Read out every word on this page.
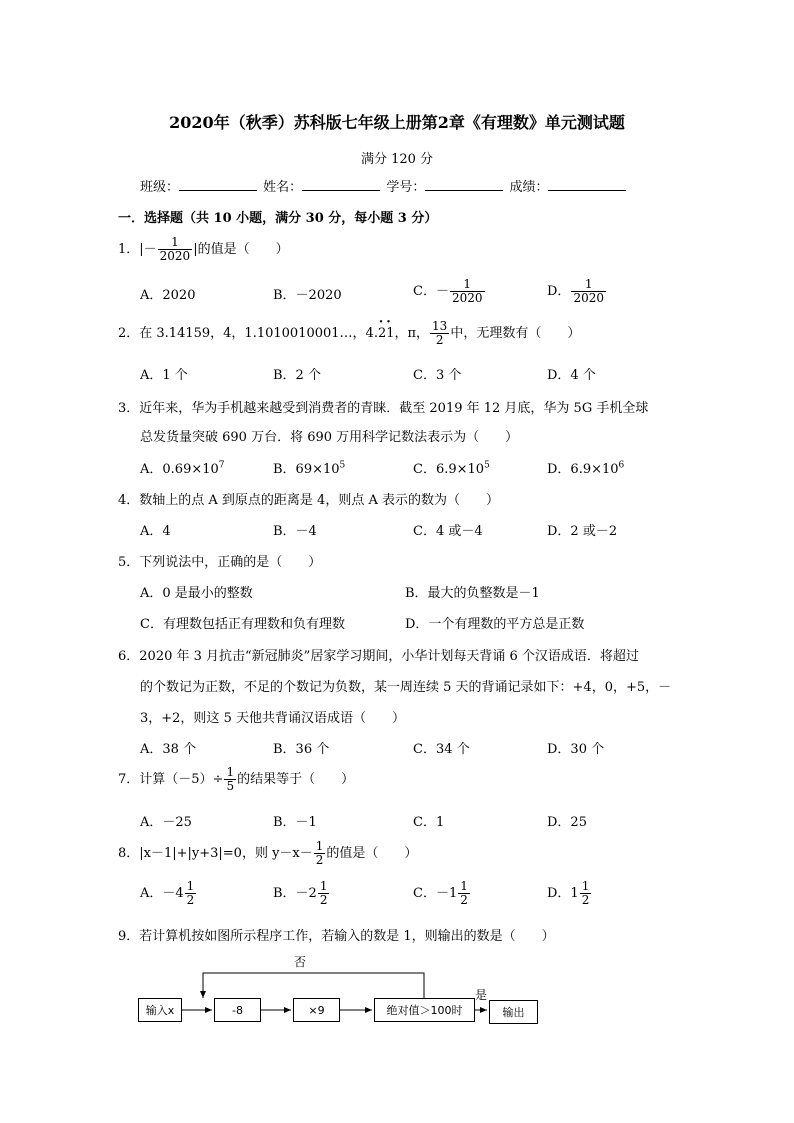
2020年（秋季）苏科版七年级上册第2章《有理数》单元测试题
满分 120 分
班级：	姓名：	学号：	成绩：
一．选择题（共 10 小题，满分 30 分，每小题 3 分）
1．|－ $\frac{1}{2020}$ |的值是（　　）
A．2020	B．－2020	C．－ $\frac{1}{2020}$	D． $\frac{1}{2020}$
2．在 3.14159，4，1.1010010001…，4.
··
21，π， $\frac{13}{2}$ 中，无理数有（　　）
A．1 个	B．2 个	C．3 个	D．4 个
3．近年来，华为手机越来越受到消费者的青睐．截至 2019 年 12 月底，华为 5G 手机全球
总发货量突破 690 万台．将 690 万用科学记数法表示为（　　）
A．$0.69\times 10^7$	B．$69\times 10^5$	C．$6.9\times 10^5$	D．$6.9\times 10^6$
4．数轴上的点 A 到原点的距离是 4，则点 A 表示的数为（　　）
A．4	B．－4	C．4 或－4	D．2 或－2
5．下列说法中，正确的是（　　）
A．0 是最小的整数	B．最大的负整数是－1
C．有理数包括正有理数和负有理数	D．一个有理数的平方总是正数
6．2020 年 3 月抗击“新冠肺炎”居家学习期间，小华计划每天背诵 6 个汉语成语．将超过
的个数记为正数，不足的个数记为负数，某一周连续 5 天的背诵记录如下：+4，0，+5，－
3，+2，则这 5 天他共背诵汉语成语（　　）
A．38 个	B．36 个	C．34 个	D．30 个
7．计算$(-5)\div \frac{1}{5}$ 的结果等于（　　）
A．－25	B．－1	C．1	D．25
8．|x－1|+|y+3|=0，则 $y-x- \frac{1}{2}$ 的值是（　　）
A．$-4 \frac{1}{2}$	B．$-2 \frac{1}{2}$	C．$-1 \frac{1}{2}$	D．$1 \frac{1}{2}$
9．若计算机按如图所示程序工作，若输入的数是 1，则输出的数是（　　）
输入x	-8	×9	绝对值＞100时	输出
否
是
